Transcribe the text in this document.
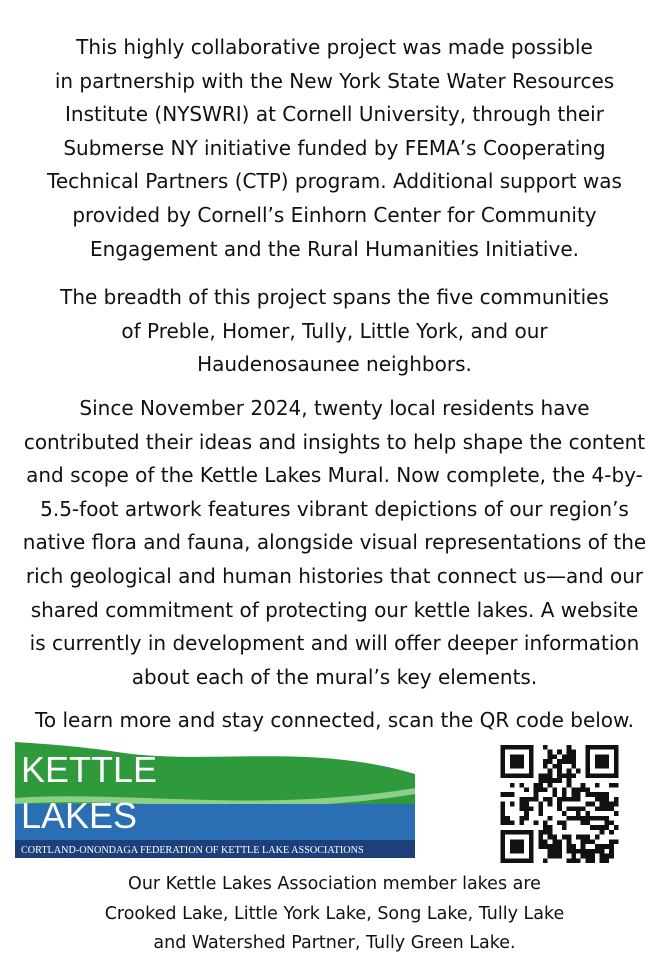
This highly collaborative project was made possible
in partnership with the New York State Water Resources
Institute (NYSWRI) at Cornell University, through their
Submerse NY initiative funded by FEMA’s Cooperating
Technical Partners (CTP) program. Additional support was
provided by Cornell’s Einhorn Center for Community
Engagement and the Rural Humanities Initiative.

The breadth of this project spans the five communities
of Preble, Homer, Tully, Little York, and our
Haudenosaunee neighbors.

Since November 2024, twenty local residents have
contributed their ideas and insights to help shape the content
and scope of the Kettle Lakes Mural. Now complete, the 4-by-
5.5-foot artwork features vibrant depictions of our region’s
native flora and fauna, alongside visual representations of the
rich geological and human histories that connect us—and our
shared commitment of protecting our kettle lakes. A website
is currently in development and will offer deeper information
about each of the mural’s key elements.

To learn more and stay connected, scan the QR code below.

KETTLE
LAKES
CORTLAND-ONONDAGA FEDERATION OF KETTLE LAKE ASSOCIATIONS

Our Kettle Lakes Association member lakes are
Crooked Lake, Little York Lake, Song Lake, Tully Lake
and Watershed Partner, Tully Green Lake.
